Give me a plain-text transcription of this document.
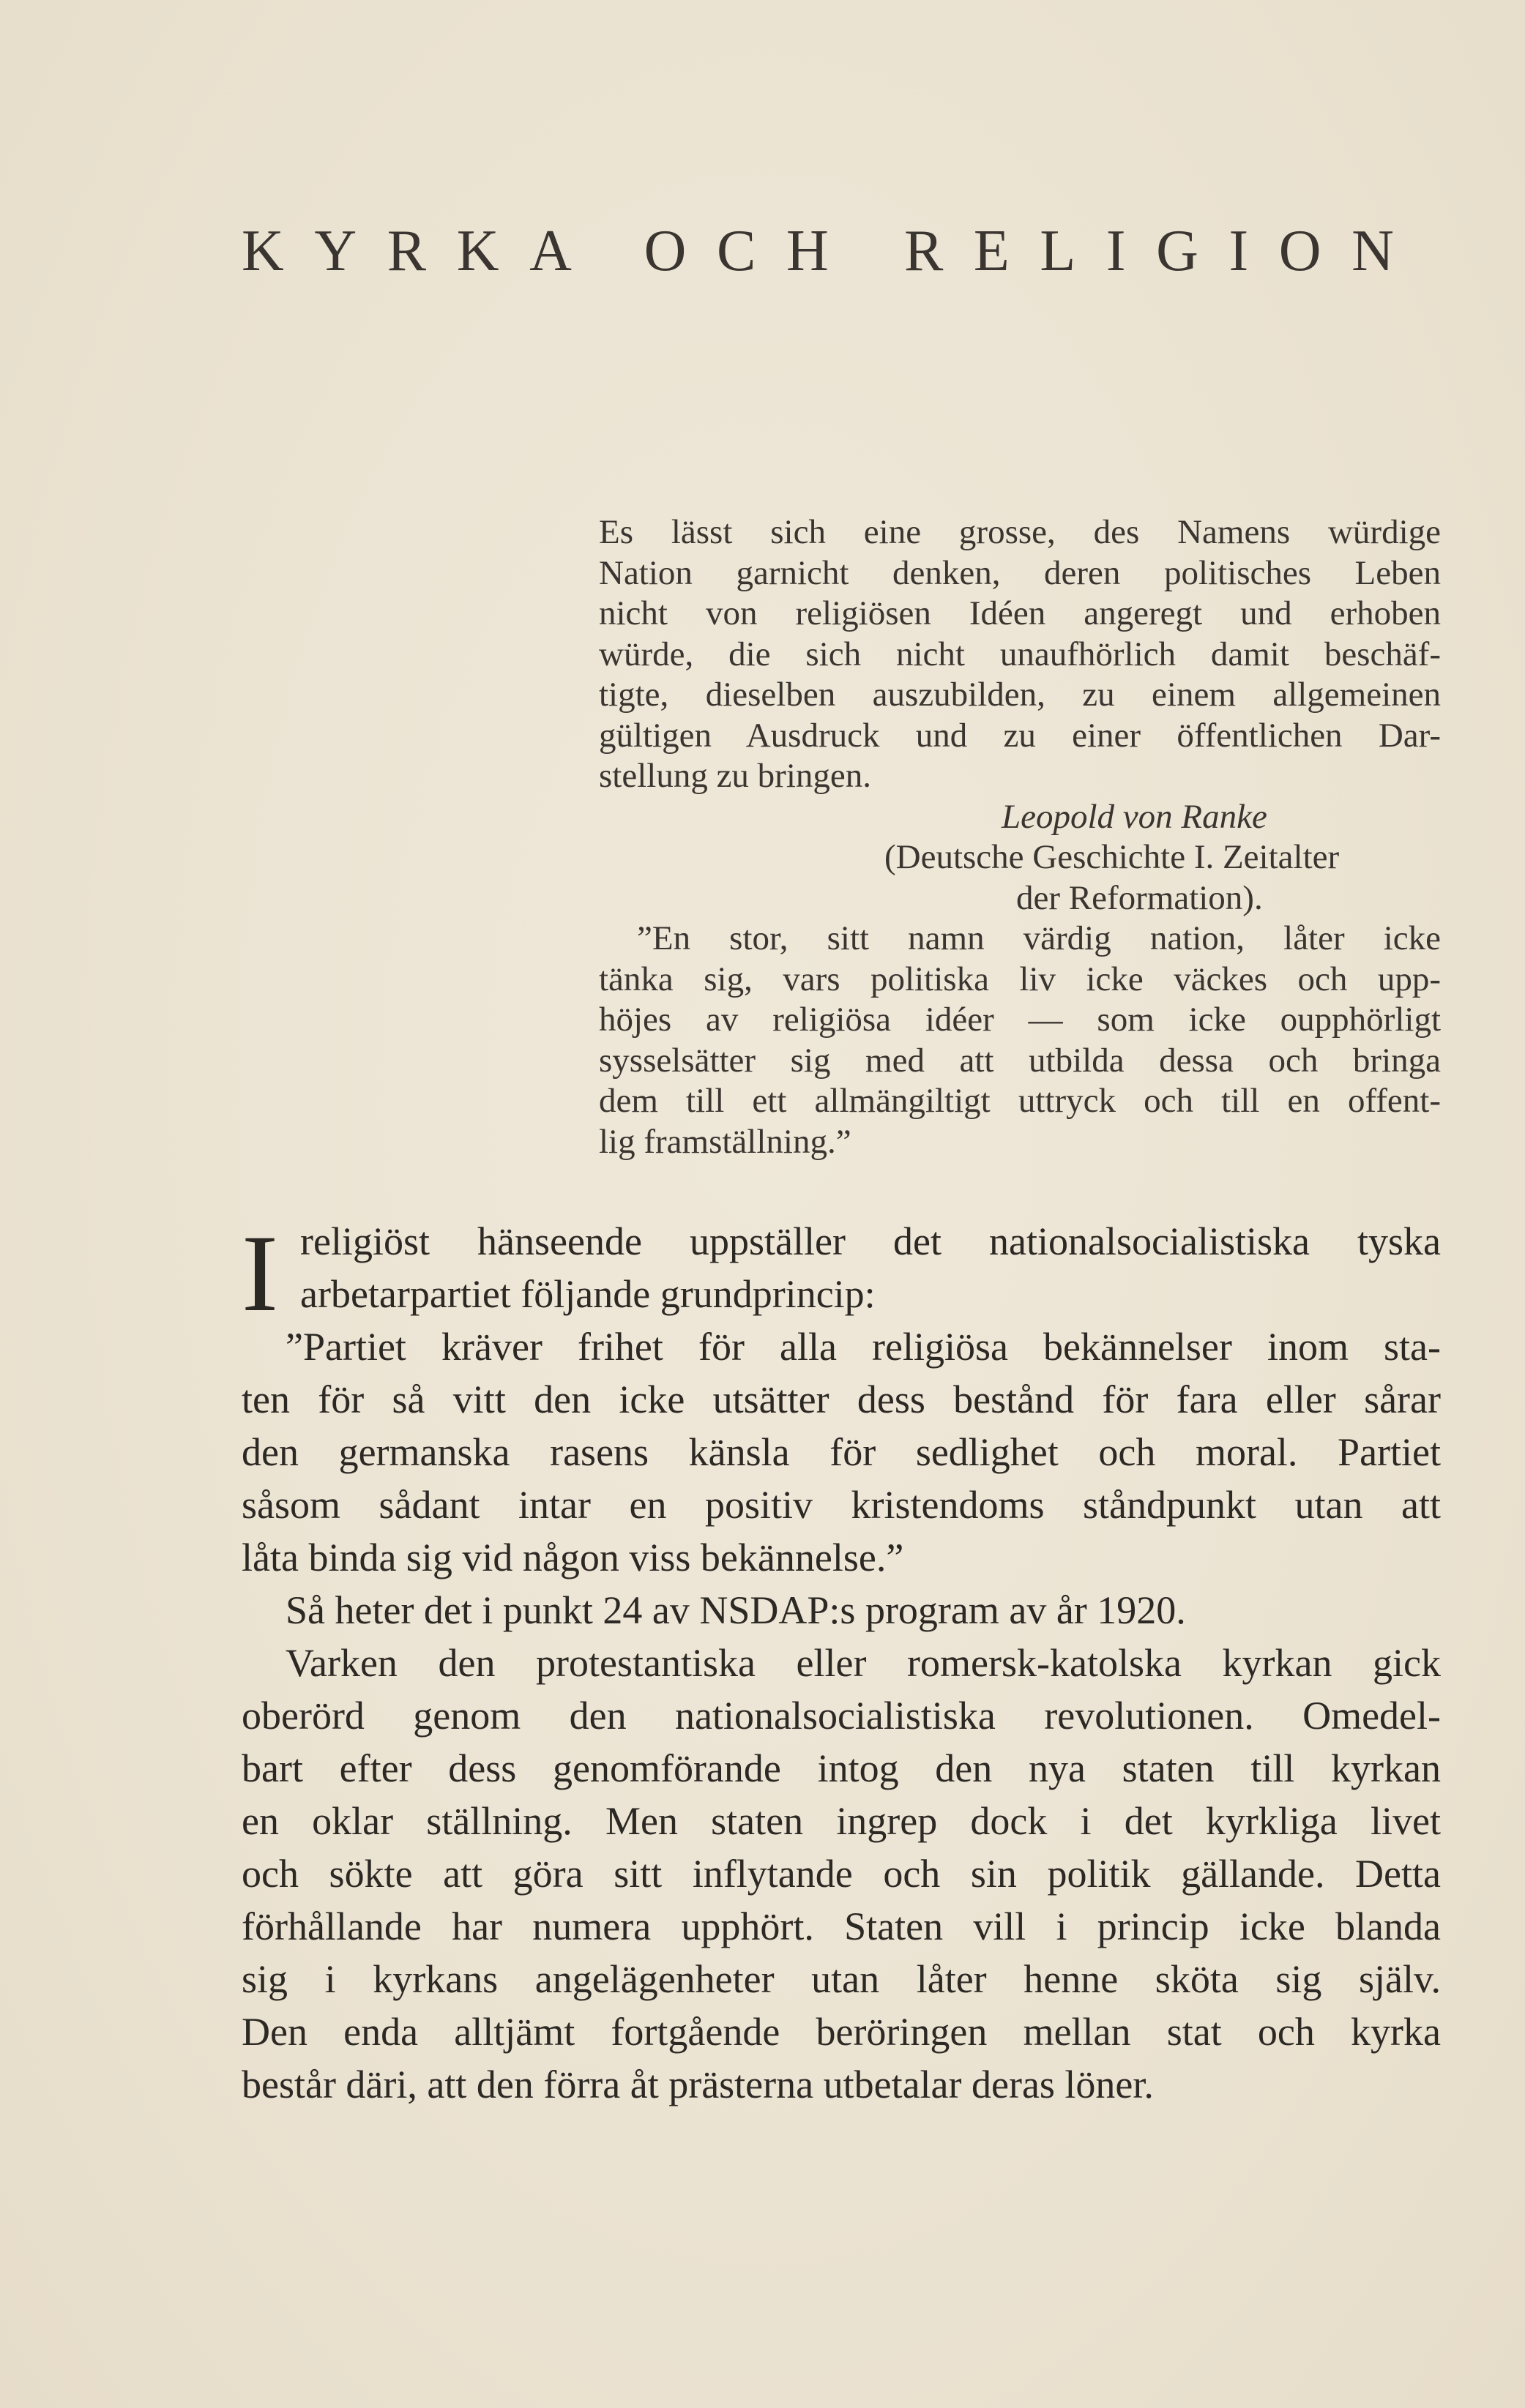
KYRKA OCH RELIGION

Es lässt sich eine grosse, des Namens würdige
Nation garnicht denken, deren politisches Leben
nicht von religiösen Idéen angeregt und erhoben
würde, die sich nicht unaufhörlich damit beschäf-
tigte, dieselben auszubilden, zu einem allgemeinen
gültigen Ausdruck und zu einer öffentlichen Dar-
stellung zu bringen.

Leopold von Ranke
(Deutsche Geschichte I. Zeitalter
der Reformation).

”En stor, sitt namn värdig nation, låter icke
tänka sig, vars politiska liv icke väckes och upp-
höjes av religiösa idéer — som icke oupphörligt
sysselsätter sig med att utbilda dessa och bringa
dem till ett allmängiltigt uttryck och till en offent-
lig framställning.”

I religiöst hänseende uppställer det nationalsocialistiska tyska
arbetarpartiet följande grundprincip:
”Partiet kräver frihet för alla religiösa bekännelser inom sta-
ten för så vitt den icke utsätter dess bestånd för fara eller sårar
den germanska rasens känsla för sedlighet och moral. Partiet
såsom sådant intar en positiv kristendoms ståndpunkt utan att
låta binda sig vid någon viss bekännelse.”
Så heter det i punkt 24 av NSDAP:s program av år 1920.
Varken den protestantiska eller romersk-katolska kyrkan gick
oberörd genom den nationalsocialistiska revolutionen. Omedel-
bart efter dess genomförande intog den nya staten till kyrkan
en oklar ställning. Men staten ingrep dock i det kyrkliga livet
och sökte att göra sitt inflytande och sin politik gällande. Detta
förhållande har numera upphört. Staten vill i princip icke blanda
sig i kyrkans angelägenheter utan låter henne sköta sig själv.
Den enda alltjämt fortgående beröringen mellan stat och kyrka
består däri, att den förra åt prästerna utbetalar deras löner.
